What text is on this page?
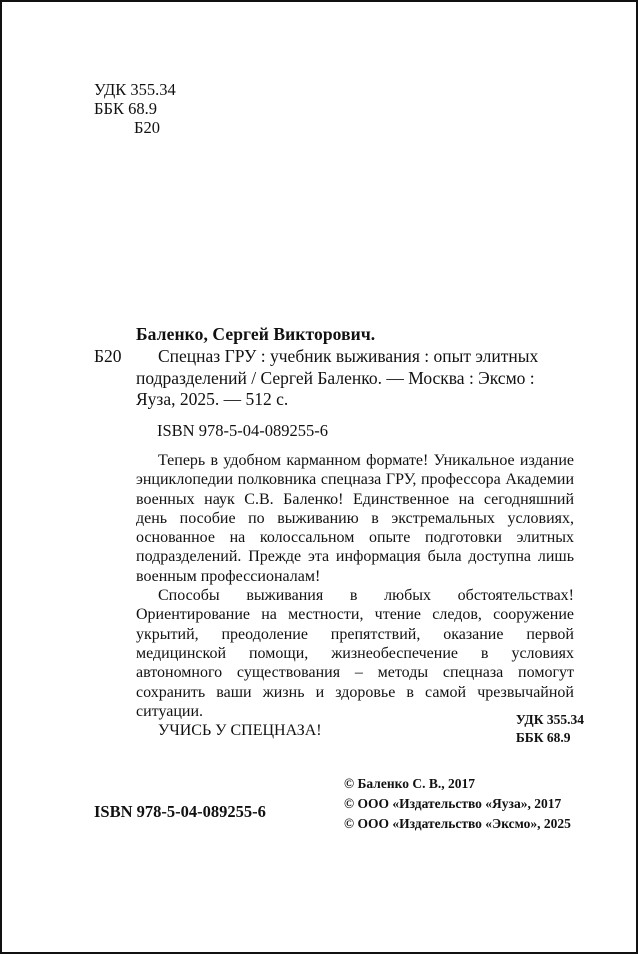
УДК 355.34
ББК 68.9
Б20
Баленко, Сергей Викторович.
Б20	Спецназ ГРУ : учебник выживания : опыт элитных
подразделений / Сергей Баленко. — Москва : Эксмо :
Яуза, 2025. — 512 с.
ISBN 978-5-04-089255-6

Теперь в удобном карманном формате! Уникальное издание энциклопедии полковника спецназа ГРУ, профессора Академии военных наук С.В. Баленко! Единственное на сегодняшний день пособие по выживанию в экстремальных условиях, основанное на колоссальном опыте подготовки элитных подразделений. Прежде эта информация была доступна лишь военным профессионалам!

Способы выживания в любых обстоятельствах! Ориентирование на местности, чтение следов, сооружение укрытий, преодоление препятствий, оказание первой медицинской помощи, жизнеобеспечение в условиях автономного существования – методы спецназа помогут сохранить ваши жизнь и здоровье в самой чрезвычайной ситуации.

УЧИСЬ У СПЕЦНАЗА!

УДК 355.34
ББК 68.9
ISBN 978-5-04-089255-6
© Баленко С. В., 2017
© ООО «Издательство «Яуза», 2017
© ООО «Издательство «Эксмо», 2025
